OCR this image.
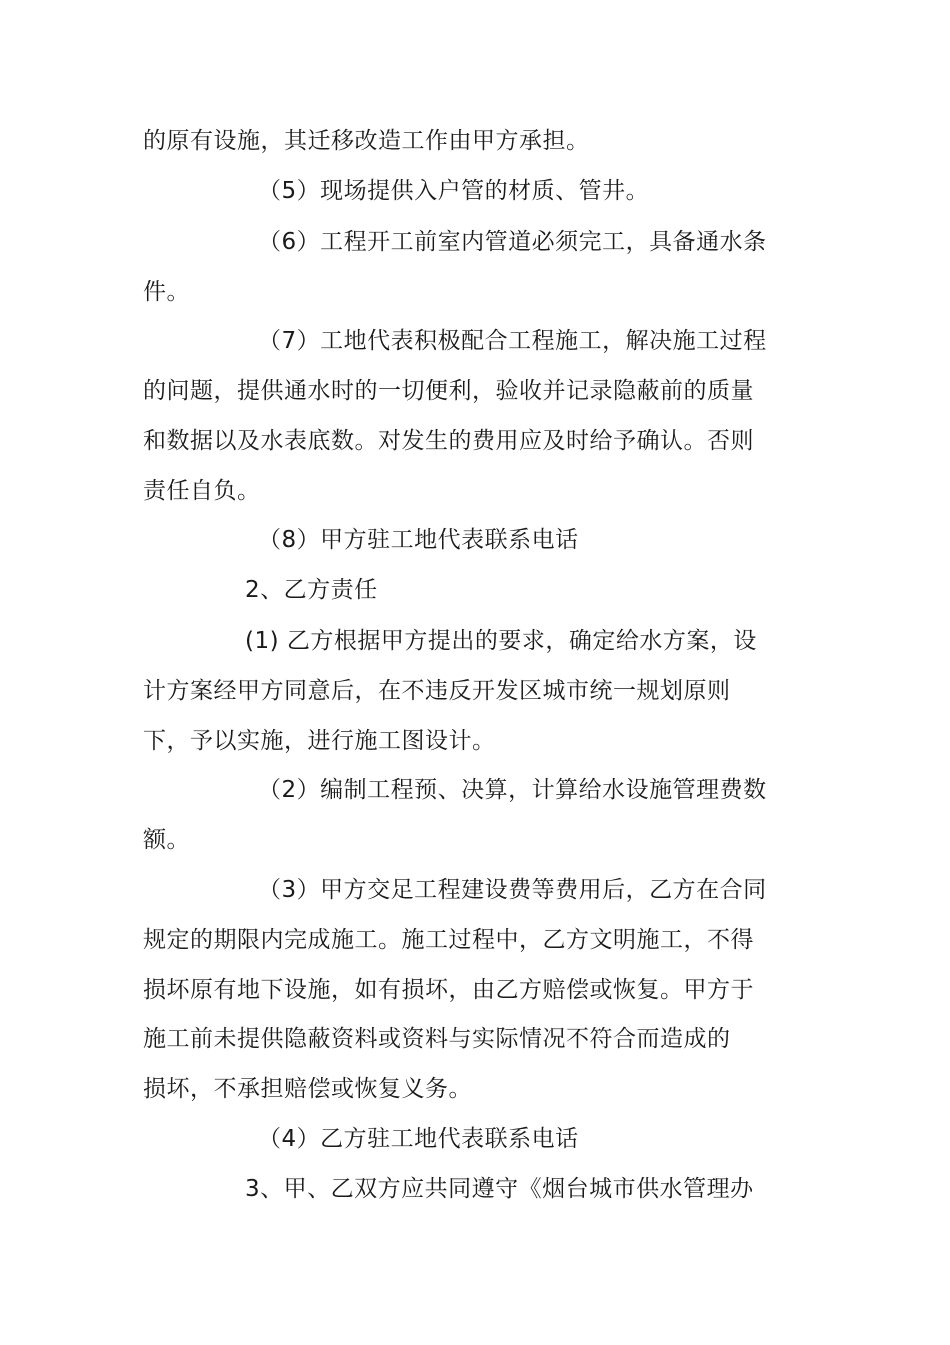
的原有设施，其迁移改造工作由甲方承担。
（5）现场提供入户管的材质、管井。
（6）工程开工前室内管道必须完工，具备通水条
件。
（7）工地代表积极配合工程施工，解决施工过程
的问题，提供通水时的一切便利，验收并记录隐蔽前的质量
和数据以及水表底数。对发生的费用应及时给予确认。否则
责任自负。
（8）甲方驻工地代表联系电话
2、乙方责任
(1) 乙方根据甲方提出的要求，确定给水方案，设
计方案经甲方同意后，在不违反开发区城市统一规划原则
下，予以实施，进行施工图设计。
（2）编制工程预、决算，计算给水设施管理费数
额。
（3）甲方交足工程建设费等费用后，乙方在合同
规定的期限内完成施工。施工过程中，乙方文明施工，不得
损坏原有地下设施，如有损坏，由乙方赔偿或恢复。甲方于
施工前未提供隐蔽资料或资料与实际情况不符合而造成的
损坏，不承担赔偿或恢复义务。
（4）乙方驻工地代表联系电话
3、甲、乙双方应共同遵守《烟台城市供水管理办
